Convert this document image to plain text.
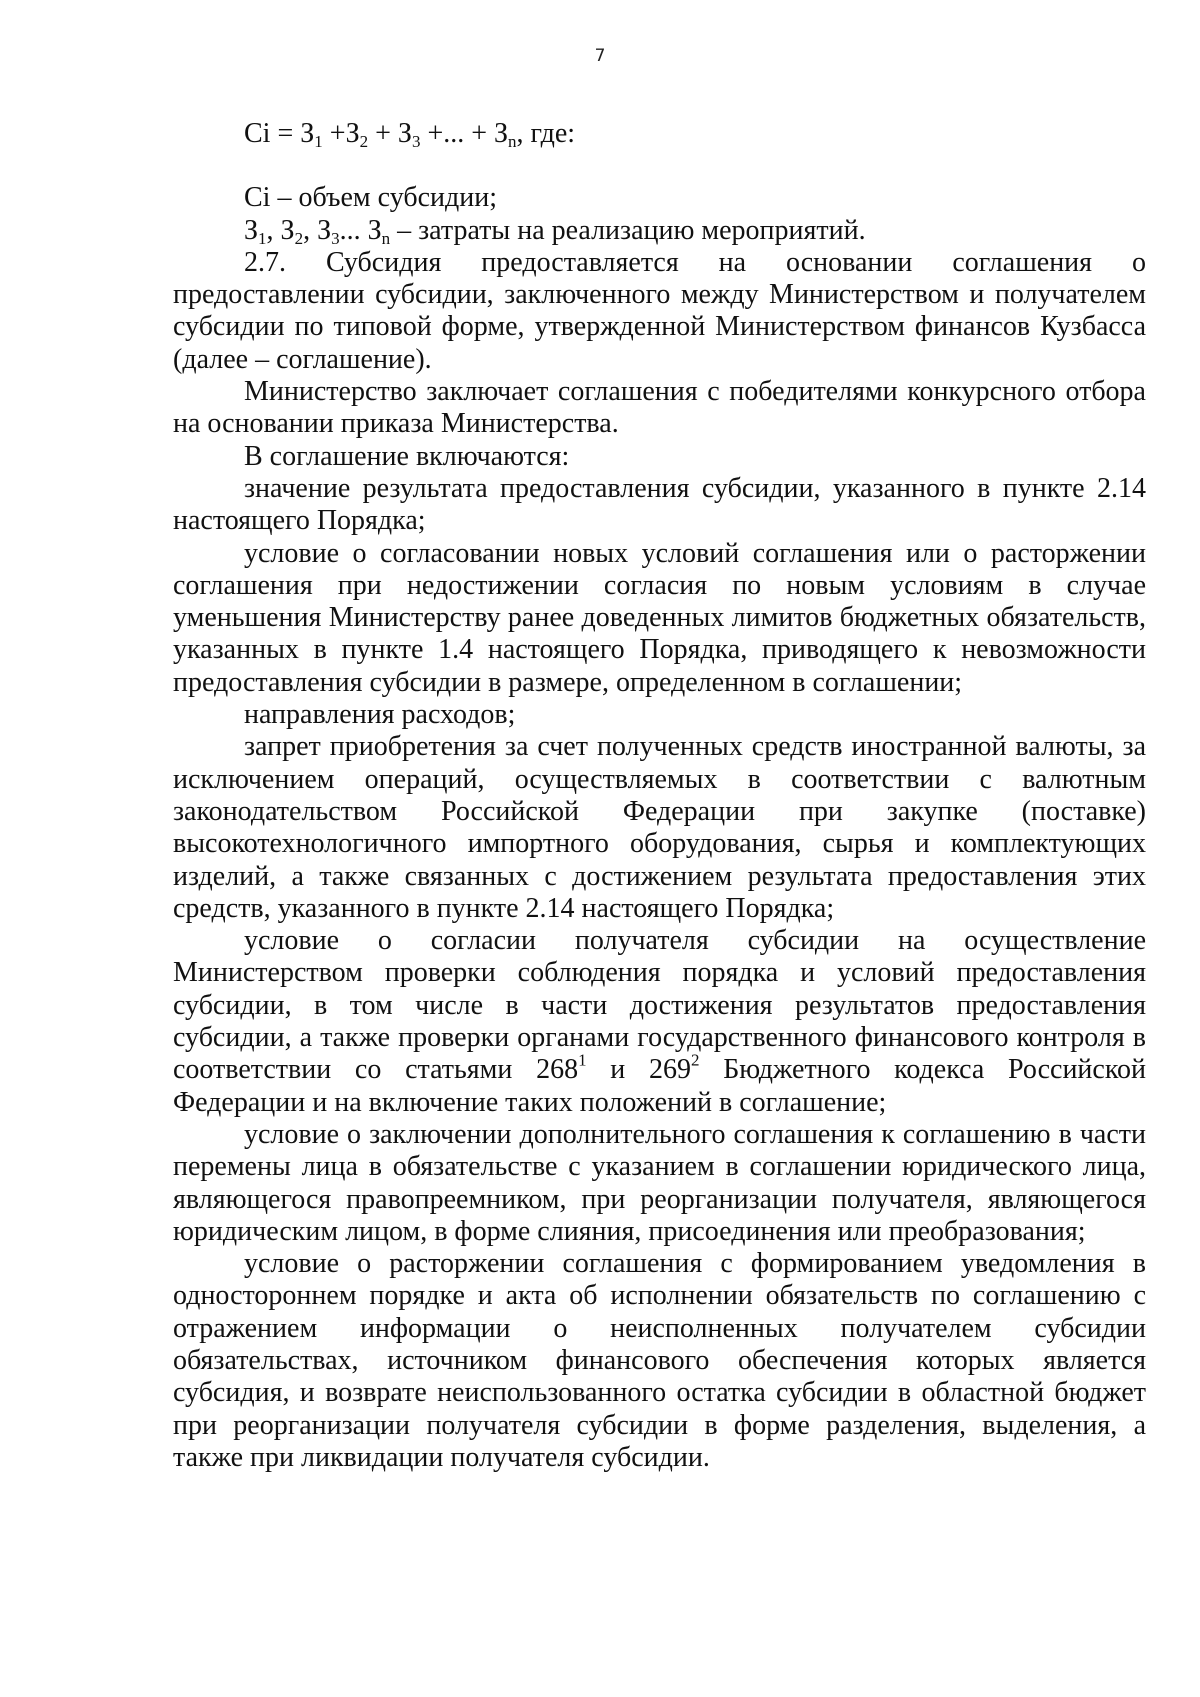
7

$Ci = З_1 +З_2 + З_3$ +... + $З_n$, где:

Ci – объем субсидии;

$З_1$, $З_2$, $З_3$... $З_n$ – затраты на реализацию мероприятий.

2.7. Субсидия предоставляется на основании соглашения о предоставлении субсидии, заключенного между Министерством и получателем субсидии по типовой форме, утвержденной Министерством финансов Кузбасса (далее – соглашение).

Министерство заключает соглашения с победителями конкурсного отбора на основании приказа Министерства.

В соглашение включаются:

значение результата предоставления субсидии, указанного в пункте 2.14 настоящего Порядка;

условие о согласовании новых условий соглашения или о расторжении соглашения при недостижении согласия по новым условиям в случае уменьшения Министерству ранее доведенных лимитов бюджетных обязательств, указанных в пункте 1.4 настоящего Порядка, приводящего к невозможности предоставления субсидии в размере, определенном в соглашении;

направления расходов;

запрет приобретения за счет полученных средств иностранной валюты, за исключением операций, осуществляемых в соответствии с валютным законодательством Российской Федерации при закупке (поставке) высокотехнологичного импортного оборудования, сырья и комплектующих изделий, а также связанных с достижением результата предоставления этих средств, указанного в пункте 2.14 настоящего Порядка;

условие о согласии получателя субсидии на осуществление Министерством проверки соблюдения порядка и условий предоставления субсидии, в том числе в части достижения результатов предоставления субсидии, а также проверки органами государственного финансового контроля в соответствии со статьями $268^1$ и $269^2$ Бюджетного кодекса Российской Федерации и на включение таких положений в соглашение;

условие о заключении дополнительного соглашения к соглашению в части перемены лица в обязательстве с указанием в соглашении юридического лица, являющегося правопреемником, при реорганизации получателя, являющегося юридическим лицом, в форме слияния, присоединения или преобразования;

условие о расторжении соглашения с формированием уведомления в одностороннем порядке и акта об исполнении обязательств по соглашению с отражением информации о неисполненных получателем субсидии обязательствах, источником финансового обеспечения которых является субсидия, и возврате неиспользованного остатка субсидии в областной бюджет при реорганизации получателя субсидии в форме разделения, выделения, а также при ликвидации получателя субсидии.
